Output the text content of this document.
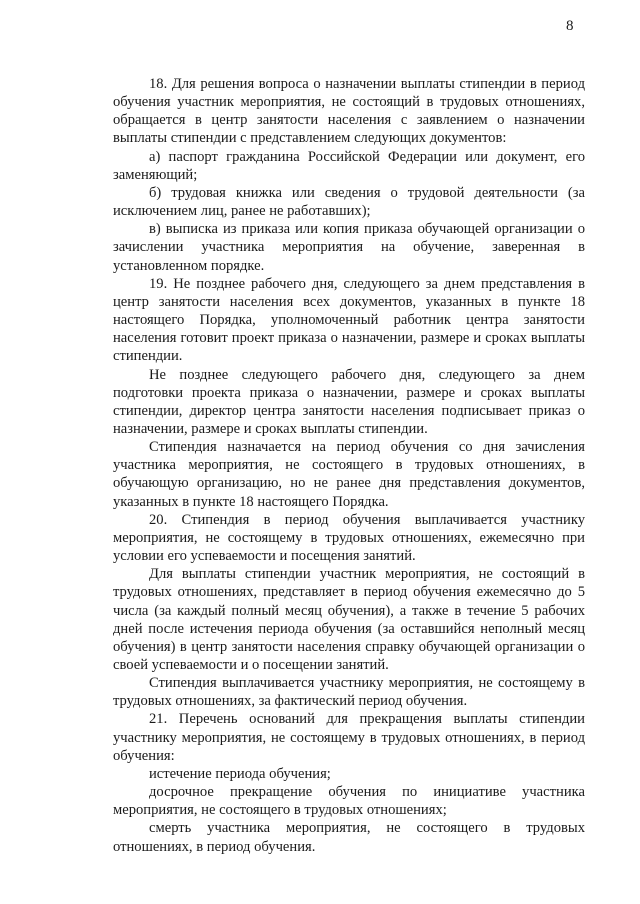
8

18. Для решения вопроса о назначении выплаты стипендии в период обучения участник мероприятия, не состоящий в трудовых отношениях, обращается в центр занятости населения с заявлением о назначении выплаты стипендии с представлением следующих документов:

а) паспорт гражданина Российской Федерации или документ, его заменяющий;

б) трудовая книжка или сведения о трудовой деятельности (за исключением лиц, ранее не работавших);

в) выписка из приказа или копия приказа обучающей организации о зачислении участника мероприятия на обучение, заверенная в установленном порядке.

19. Не позднее рабочего дня, следующего за днем представления в центр занятости населения всех документов, указанных в пункте 18 настоящего Порядка, уполномоченный работник центра занятости населения готовит проект приказа о назначении, размере и сроках выплаты стипендии.

Не позднее следующего рабочего дня, следующего за днем подготовки проекта приказа о назначении, размере и сроках выплаты стипендии, директор центра занятости населения подписывает приказ о назначении, размере и сроках выплаты стипендии.

Стипендия назначается на период обучения со дня зачисления участника мероприятия, не состоящего в трудовых отношениях, в обучающую организацию, но не ранее дня представления документов, указанных в пункте 18 настоящего Порядка.

20. Стипендия в период обучения выплачивается участнику мероприятия, не состоящему в трудовых отношениях, ежемесячно при условии его успеваемости и посещения занятий.

Для выплаты стипендии участник мероприятия, не состоящий в трудовых отношениях, представляет в период обучения ежемесячно до 5 числа (за каждый полный месяц обучения), а также в течение 5 рабочих дней после истечения периода обучения (за оставшийся неполный месяц обучения) в центр занятости населения справку обучающей организации о своей успеваемости и о посещении занятий.

Стипендия выплачивается участнику мероприятия, не состоящему в трудовых отношениях, за фактический период обучения.

21. Перечень оснований для прекращения выплаты стипендии участнику мероприятия, не состоящему в трудовых отношениях, в период обучения:

истечение периода обучения;

досрочное прекращение обучения по инициативе участника мероприятия, не состоящего в трудовых отношениях;

смерть участника мероприятия, не состоящего в трудовых отношениях, в период обучения.
